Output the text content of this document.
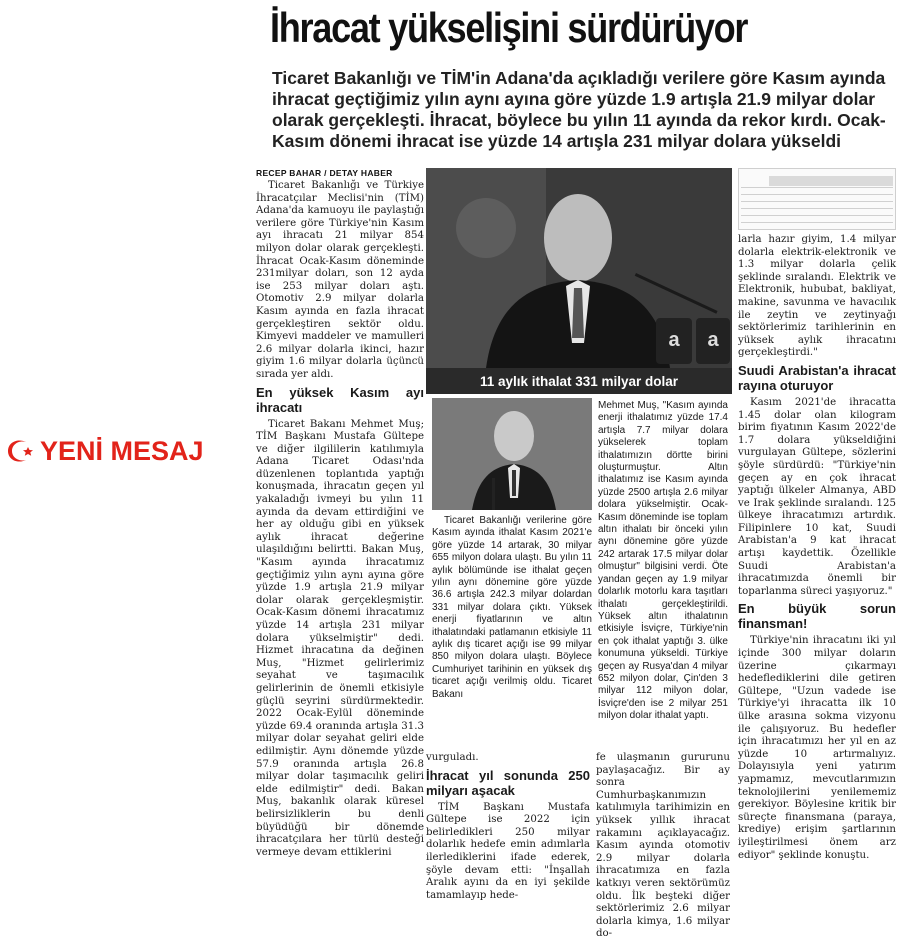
İhracat yükselişini sürdürüyor
Ticaret Bakanlığı ve TİM'in Adana'da açıkladığı verilere göre Kasım ayında ihracat geçtiğimiz yılın aynı ayına göre yüzde 1.9 artışla 21.9 milyar dolar olarak gerçekleşti. İhracat, böylece bu yılın 11 ayında da rekor kırdı. Ocak-Kasım dönemi ihracat ise yüzde 14 artışla 231 milyar dolara yükseldi
RECEP BAHAR / DETAY HABER
YENİ MESAJ
a a
11 aylık ithalat 331 milyar dolar

Ticaret Bakanlığı ve Türkiye İhracatçılar Meclisi'nin (TİM) Adana'da kamuoyu ile paylaştığı verilere göre Türkiye'nin Kasım ayı ihracatı 21 milyar 854 milyon dolar olarak gerçekleşti. İhracat Ocak-Kasım döneminde 231milyar doları, son 12 ayda ise 253 milyar doları aştı. Otomotiv 2.9 milyar dolarla Kasım ayında en fazla ihracat gerçekleştiren sektör oldu. Kimyevi maddeler ve mamulleri 2.6 milyar dolarla ikinci, hazır giyim 1.6 milyar dolarla üçüncü sırada yer aldı.

En yüksek Kasım ayı ihracatı

Ticaret Bakanı Mehmet Muş; TİM Başkanı Mustafa Gültepe ve diğer ilgililerin katılımıyla Adana Ticaret Odası'nda düzenlenen toplantıda yaptığı konuşmada, ihracatın geçen yıl yakaladığı ivmeyi bu yılın 11 ayında da devam ettirdiğini ve her ay olduğu gibi en yüksek aylık ihracat değerine ulaşıldığını belirtti. Bakan Muş, "Kasım ayında ihracatımız geçtiğimiz yılın aynı ayına göre yüzde 1.9 artışla 21.9 milyar dolar olarak gerçekleşmiştir. Ocak-Kasım dönemi ihracatımız yüzde 14 artışla 231 milyar dolara yükselmiştir" dedi. Hizmet ihracatına da değinen Muş, "Hizmet gelirlerimiz seyahat ve taşımacılık gelirlerinin de önemli etkisiyle güçlü seyrini sürdürmektedir. 2022 Ocak-Eylül döneminde yüzde 69.4 oranında artışla 31.3 milyar dolar seyahat geliri elde edilmiştir. Aynı dönemde yüzde 57.9 oranında artışla 26.8 milyar dolar taşımacılık geliri elde edilmiştir" dedi. Bakan Muş, bakanlık olarak küresel belirsizliklerin bu denli büyüdüğü bir dönemde ihracatçılara her türlü desteği vermeye devam ettiklerini

Ticaret Bakanlığı verilerine göre Kasım ayında ithalat Kasım 2021'e göre yüzde 14 artarak, 30 milyar 655 milyon dolara ulaştı. Bu yılın 11 aylık bölümünde ise ithalat geçen yılın aynı dönemine göre yüzde 36.6 artışla 242.3 milyar dolardan 331 milyar dolara çıktı. Yüksek enerji fiyatlarının ve altın ithalatındaki patlamanın etkisiyle 11 aylık dış ticaret açığı ise 99 milyar 850 milyon dolara ulaştı. Böylece Cumhuriyet tarihinin en yüksek dış ticaret açığı verilmiş oldu. Ticaret Bakanı

Mehmet Muş, "Kasım ayında enerji ithalatımız yüzde 17.4 artışla 7.7 milyar dolara yükselerek toplam ithalatımızın dörtte birini oluşturmuştur. Altın ithalatımız ise Kasım ayında yüzde 2500 artışla 2.6 milyar dolara yükselmiştir. Ocak-Kasım döneminde ise toplam altın ithalatı bir önceki yılın aynı dönemine göre yüzde 242 artarak 17.5 milyar dolar olmuştur" bilgisini verdi. Öte yandan geçen ay 1.9 milyar dolarlık motorlu kara taşıtları ithalatı gerçekleştirildi. Yüksek altın ithalatının etkisiyle İsviçre, Türkiye'nin en çok ithalat yaptığı 3. ülke konumuna yükseldi. Türkiye geçen ay Rusya'dan 4 milyar 652 milyon dolar, Çin'den 3 milyar 112 milyon dolar, İsviçre'den ise 2 milyar 251 milyon dolar ithalat yaptı.

vurguladı.

İhracat yıl sonunda 250 milyarı aşacak

TİM Başkanı Mustafa Gültepe ise 2022 için belirledikleri 250 milyar dolarlık hedefe emin adımlarla ilerlediklerini ifade ederek, şöyle devam etti: "İnşallah Aralık ayını da en iyi şekilde tamamlayıp hede-

fe ulaşmanın gururunu paylaşacağız. Bir ay sonra Cumhurbaşkanımızın katılımıyla tarihimizin en yüksek yıllık ihracat rakamını açıklayacağız. Kasım ayında otomotiv 2.9 milyar dolarla ihracatımıza en fazla katkıyı veren sektörümüz oldu. İlk beşteki diğer sektörlerimiz 2.6 milyar dolarla kimya, 1.6 milyar do-

larla hazır giyim, 1.4 milyar dolarla elektrik-elektronik ve 1.3 milyar dolarla çelik şeklinde sıralandı. Elektrik ve Elektronik, hububat, bakliyat, makine, savunma ve havacılık ile zeytin ve zeytinyağı sektörlerimiz tarihlerinin en yüksek aylık ihracatını gerçekleştirdi."

Suudi Arabistan'a ihracat rayına oturuyor

Kasım 2021'de ihracatta 1.45 dolar olan kilogram birim fiyatının Kasım 2022'de 1.7 dolara yükseldiğini vurgulayan Gültepe, sözlerini şöyle sürdürdü: "Türkiye'nin geçen ay en çok ihracat yaptığı ülkeler Almanya, ABD ve Irak şeklinde sıralandı. 125 ülkeye ihracatımızı artırdık. Filipinlere 10 kat, Suudi Arabistan'a 9 kat ihracat artışı kaydettik. Özellikle Suudi Arabistan'a ihracatımızda önemli bir toparlanma süreci yaşıyoruz."

En büyük sorun finansman!

Türkiye'nin ihracatını iki yıl içinde 300 milyar doların üzerine çıkarmayı hedeflediklerini dile getiren Gültepe, "Uzun vadede ise Türkiye'yi ihracatta ilk 10 ülke arasına sokma vizyonu ile çalışıyoruz. Bu hedefler için ihracatımızı her yıl en az yüzde 10 artırmalıyız. Dolayısıyla yeni yatırım yapmamız, mevcutlarımızın teknolojilerini yenilememiz gerekiyor. Böylesine kritik bir süreçte finansmana (paraya, krediye) erişim şartlarının iyileştirilmesi önem arz ediyor" şeklinde konuştu.
